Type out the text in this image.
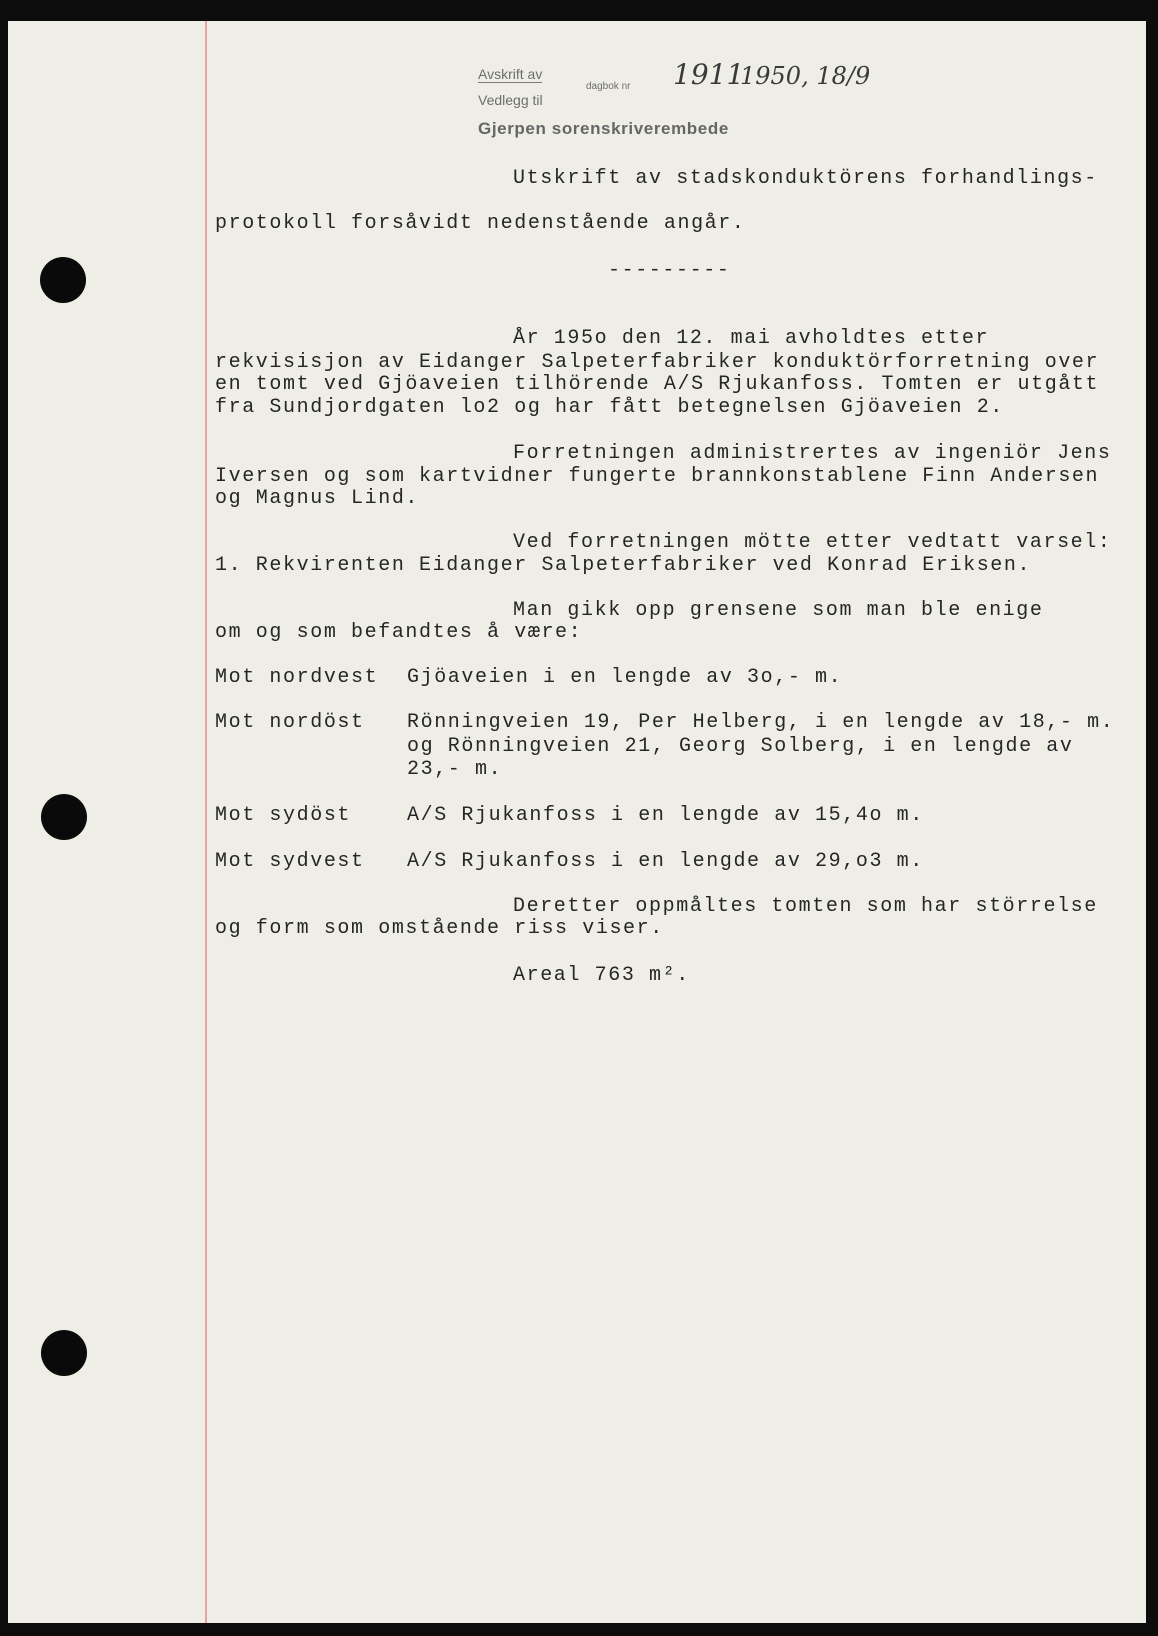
Avskrift av
dagbok nr 1911
1950, 18/9
Vedlegg til
Gjerpen sorenskriverembede
Utskrift av stadskonduktörens forhandlings-
protokoll forsåvidt nedenstående angår.
---------
År 195o den 12. mai avholdtes etter
rekvisisjon av Eidanger Salpeterfabriker konduktörforretning over
en tomt ved Gjöaveien tilhörende A/S Rjukanfoss. Tomten er utgått
fra Sundjordgaten lo2 og har fått betegnelsen Gjöaveien 2.
Forretningen administrertes av ingeniör Jens
Iversen og som kartvidner fungerte brannkonstablene Finn Andersen
og Magnus Lind.
Ved forretningen mötte etter vedtatt varsel:
1. Rekvirenten Eidanger Salpeterfabriker ved Konrad Eriksen.
Man gikk opp grensene som man ble enige
om og som befandtes å være:
Mot nordvest Gjöaveien i en lengde av 3o,- m.
Mot nordöst Rönningveien 19, Per Helberg, i en lengde av 18,- m.
og Rönningveien 21, Georg Solberg, i en lengde av
23,- m.
Mot sydöst	A/S Rjukanfoss i en lengde av 15,4o m.
Mot sydvest A/S Rjukanfoss i en lengde av 29,o3 m.
Deretter oppmåltes tomten som har störrelse
og form som omstående riss viser.
Areal 763 m².
